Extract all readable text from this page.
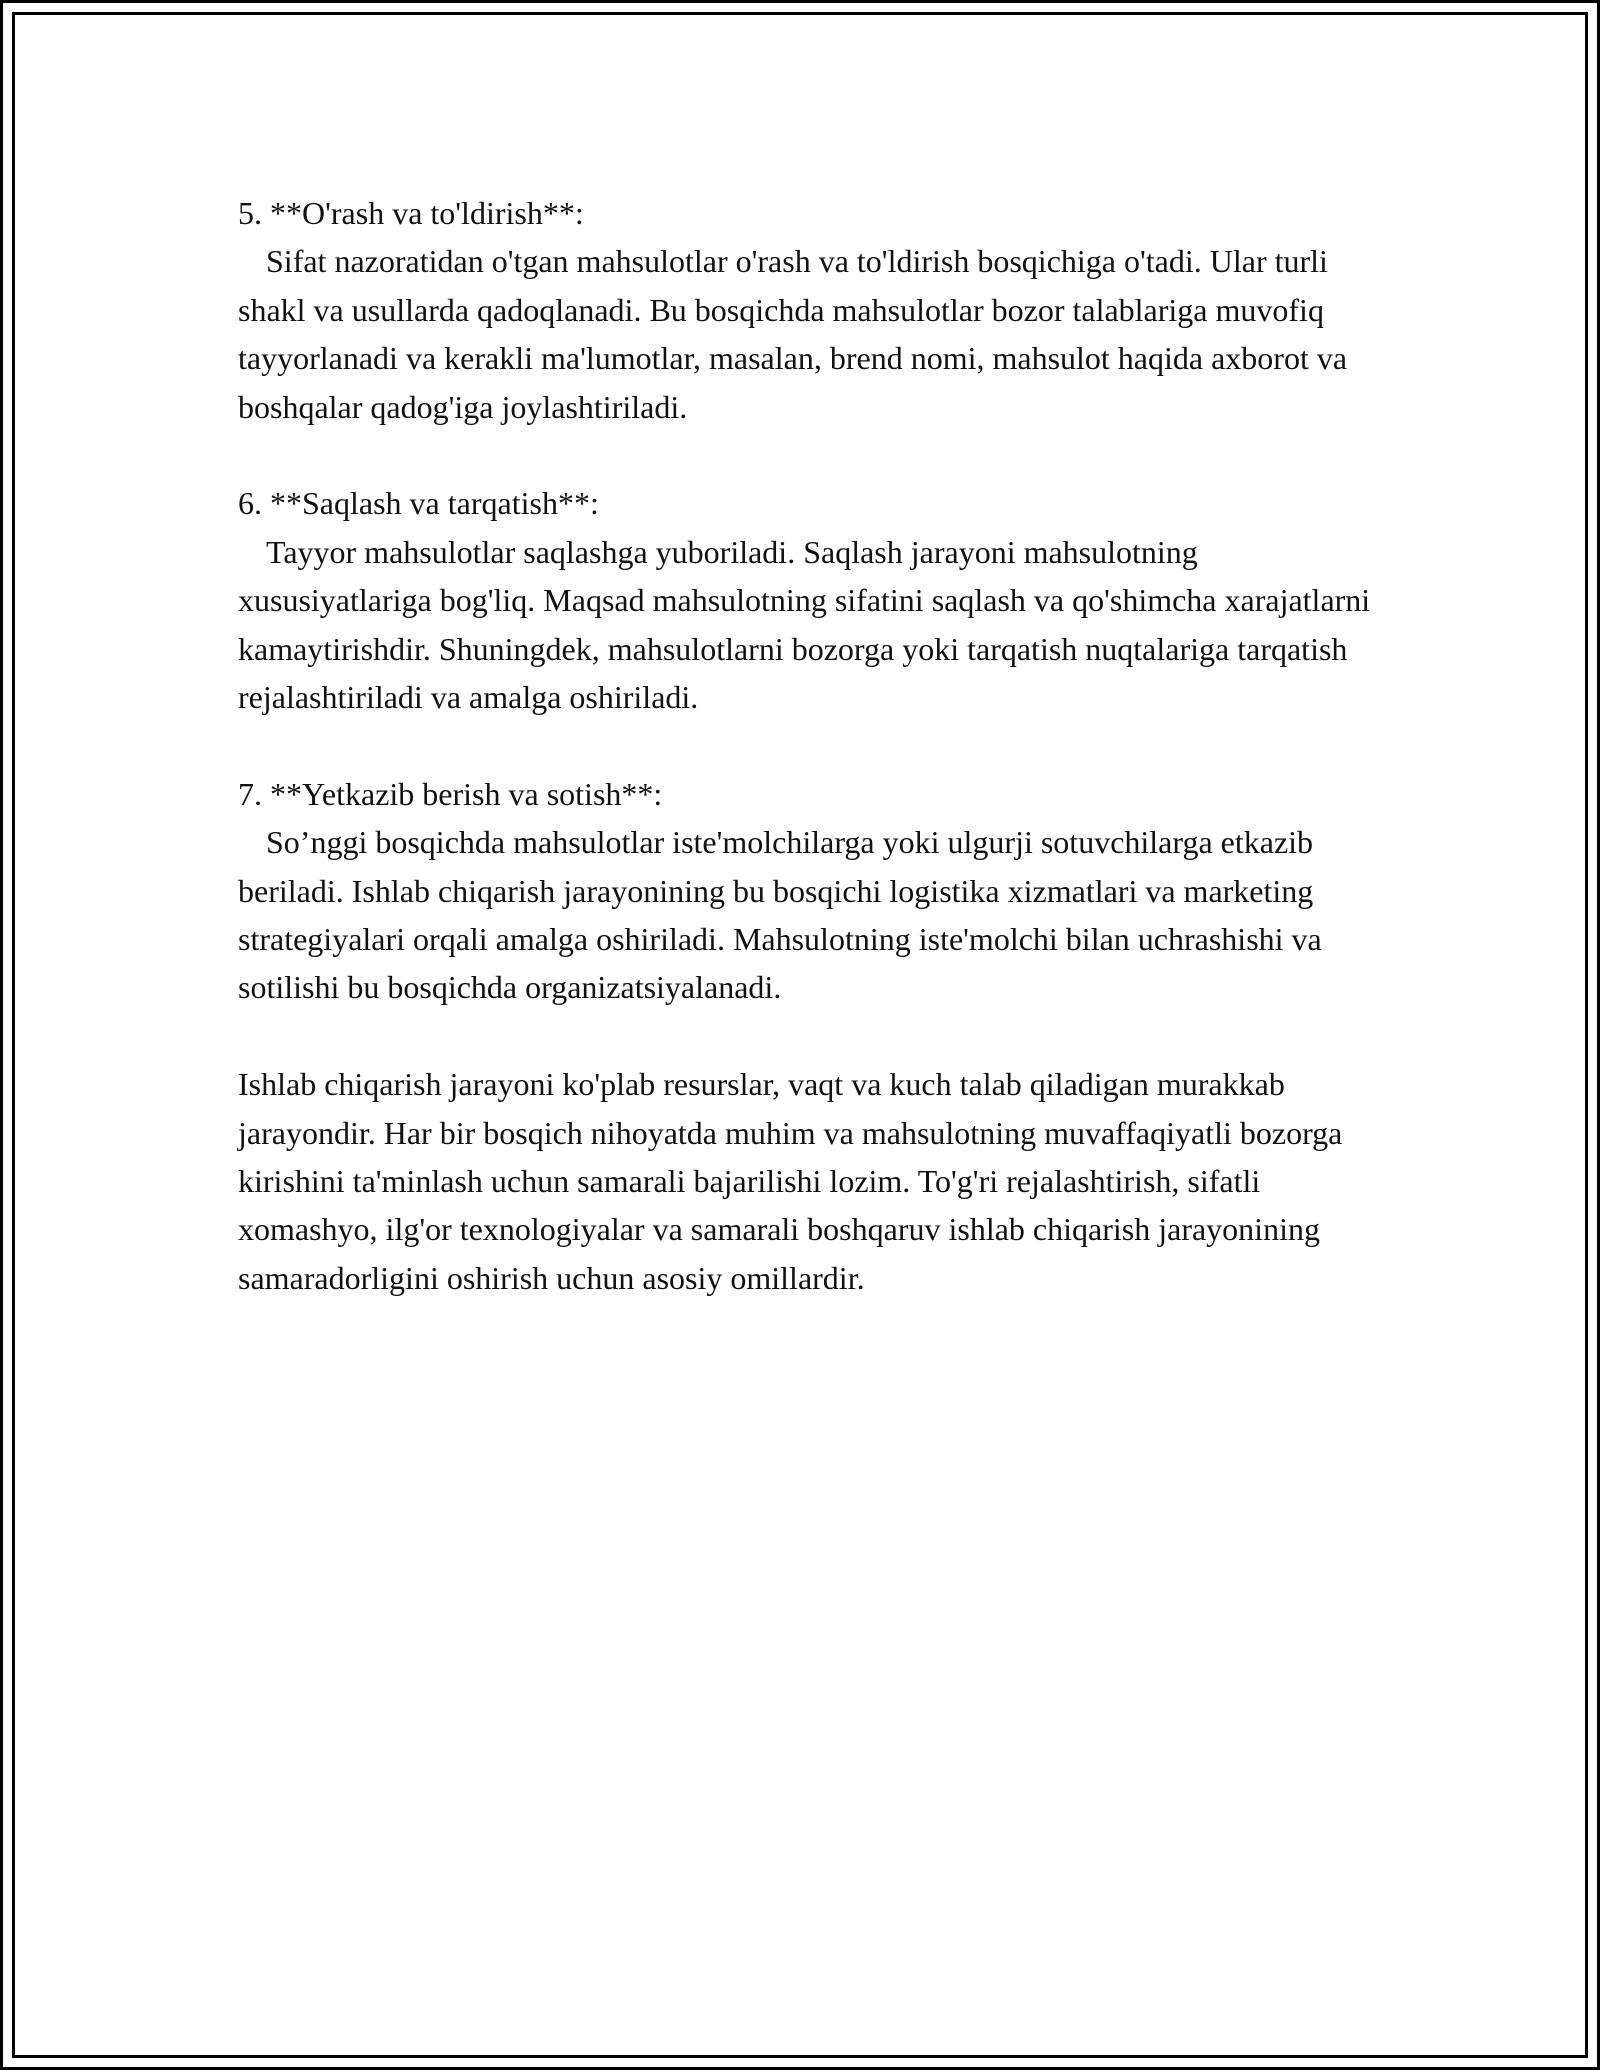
5. **O'rash va to'ldirish**:

Sifat nazoratidan o'tgan mahsulotlar o'rash va to'ldirish bosqichiga o'tadi. Ular turli shakl va usullarda qadoqlanadi. Bu bosqichda mahsulotlar bozor talablariga muvofiq tayyorlanadi va kerakli ma'lumotlar, masalan, brend nomi, mahsulot haqida axborot va boshqalar qadog'iga joylashtiriladi.

6. **Saqlash va tarqatish**:

Tayyor mahsulotlar saqlashga yuboriladi. Saqlash jarayoni mahsulotning xususiyatlariga bog'liq. Maqsad mahsulotning sifatini saqlash va qo'shimcha xarajatlarni kamaytirishdir. Shuningdek, mahsulotlarni bozorga yoki tarqatish nuqtalariga tarqatish rejalashtiriladi va amalga oshiriladi.

7. **Yetkazib berish va sotish**:

So’nggi bosqichda mahsulotlar iste'molchilarga yoki ulgurji sotuvchilarga etkazib beriladi. Ishlab chiqarish jarayonining bu bosqichi logistika xizmatlari va marketing strategiyalari orqali amalga oshiriladi. Mahsulotning iste'molchi bilan uchrashishi va sotilishi bu bosqichda organizatsiyalanadi.

Ishlab chiqarish jarayoni ko'plab resurslar, vaqt va kuch talab qiladigan murakkab jarayondir. Har bir bosqich nihoyatda muhim va mahsulotning muvaffaqiyatli bozorga kirishini ta'minlash uchun samarali bajarilishi lozim. To'g'ri rejalashtirish, sifatli xomashyo, ilg'or texnologiyalar va samarali boshqaruv ishlab chiqarish jarayonining samaradorligini oshirish uchun asosiy omillardir.
